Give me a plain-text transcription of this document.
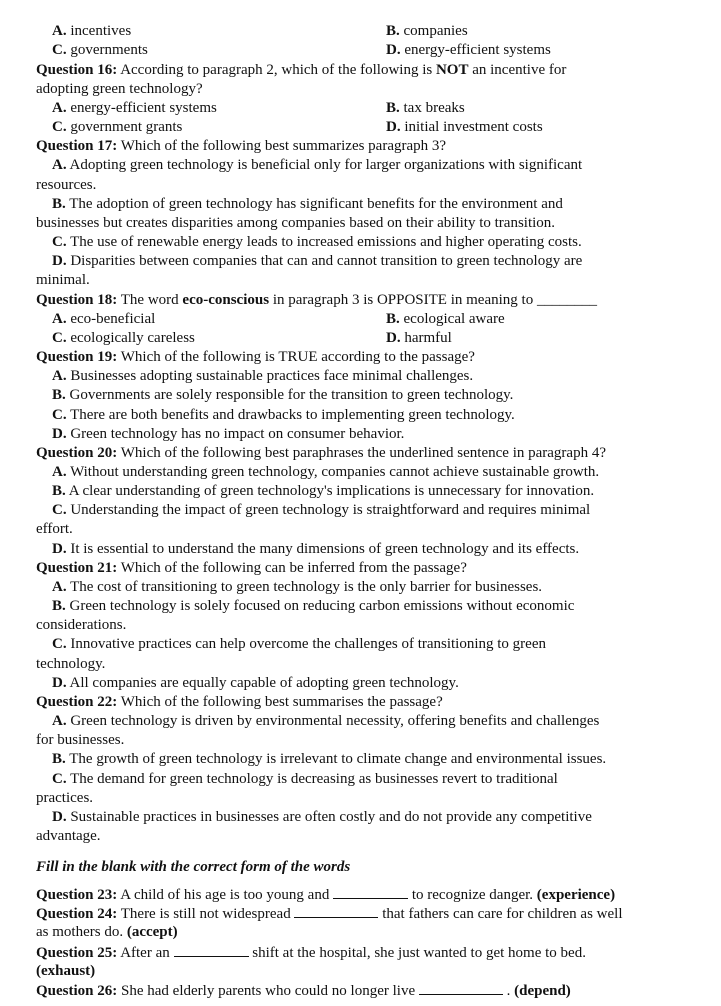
A. incentives	B. companies
C. governments	D. energy-efficient systems
Question 16: According to paragraph 2, which of the following is NOT an incentive for
adopting green technology?
A. energy-efficient systems	B. tax breaks
C. government grants	D. initial investment costs
Question 17: Which of the following best summarizes paragraph 3?
A. Adopting green technology is beneficial only for larger organizations with significant
resources.
B. The adoption of green technology has significant benefits for the environment and
businesses but creates disparities among companies based on their ability to transition.
C. The use of renewable energy leads to increased emissions and higher operating costs.
D. Disparities between companies that can and cannot transition to green technology are
minimal.
Question 18: The word eco-conscious in paragraph 3 is OPPOSITE in meaning to ________
A. eco-beneficial	B. ecological aware
C. ecologically careless	D. harmful
Question 19: Which of the following is TRUE according to the passage?
A. Businesses adopting sustainable practices face minimal challenges.
B. Governments are solely responsible for the transition to green technology.
C. There are both benefits and drawbacks to implementing green technology.
D. Green technology has no impact on consumer behavior.
Question 20: Which of the following best paraphrases the underlined sentence in paragraph 4?
A. Without understanding green technology, companies cannot achieve sustainable growth.
B. A clear understanding of green technology's implications is unnecessary for innovation.
C. Understanding the impact of green technology is straightforward and requires minimal
effort.
D. It is essential to understand the many dimensions of green technology and its effects.
Question 21: Which of the following can be inferred from the passage?
A. The cost of transitioning to green technology is the only barrier for businesses.
B. Green technology is solely focused on reducing carbon emissions without economic
considerations.
C. Innovative practices can help overcome the challenges of transitioning to green
technology.
D. All companies are equally capable of adopting green technology.
Question 22: Which of the following best summarises the passage?
A. Green technology is driven by environmental necessity, offering benefits and challenges
for businesses.
B. The growth of green technology is irrelevant to climate change and environmental issues.
C. The demand for green technology is decreasing as businesses revert to traditional
practices.
D. Sustainable practices in businesses are often costly and do not provide any competitive
advantage.
Fill in the blank with the correct form of the words
Question 23: A child of his age is too young and	to recognize danger. (experience)
Question 24: There is still not widespread	that fathers can care for children as well
as mothers do. (accept)
Question 25: After an	shift at the hospital, she just wanted to get home to bed.
(exhaust)
Question 26: She had elderly parents who could no longer live	. (depend)
